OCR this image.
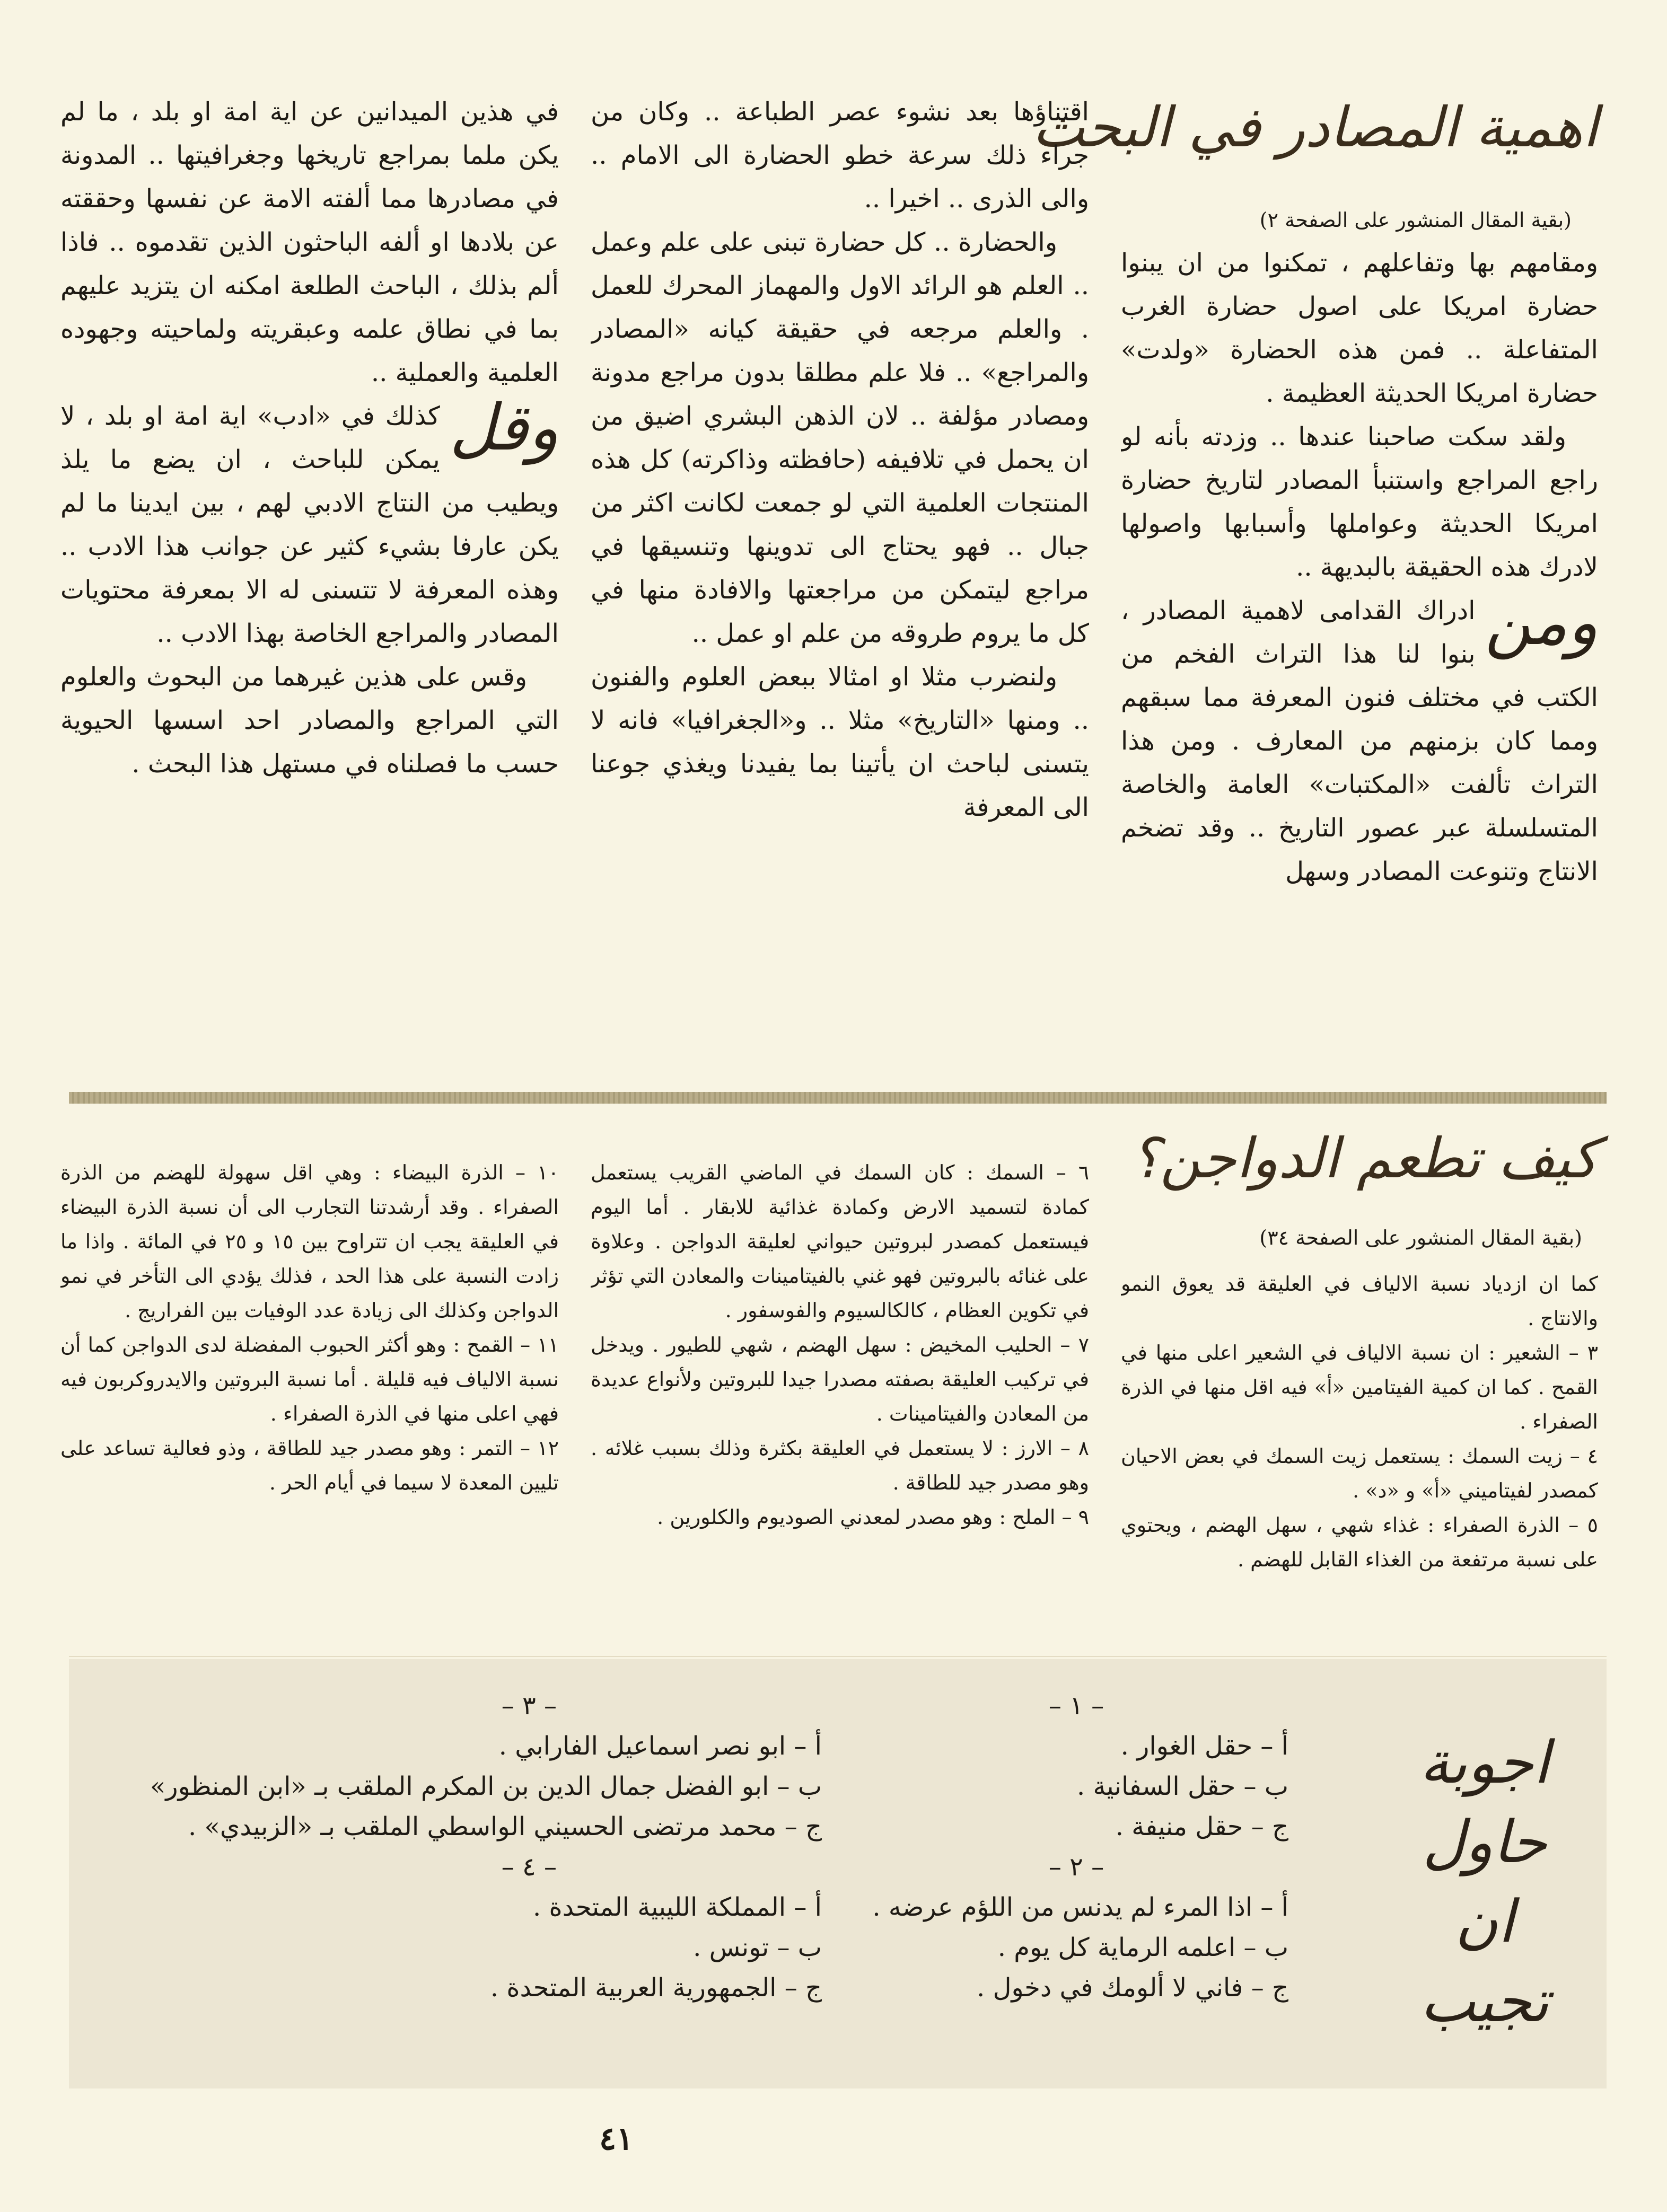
اهمية المصادر في البحث
(بقية المقال المنشور على الصفحة ٢)

ومقامهم بها وتفاعلهم ، تمكنوا من ان يبنوا حضارة امريكا على اصول حضارة الغرب المتفاعلة .. فمن هذه الحضارة «ولدت» حضارة امريكا الحديثة العظيمة .

ولقد سكت صاحبنا عندها .. وزدته بأنه لو راجع المراجع واستنبأ المصادر لتاريخ حضارة امريكا الحديثة وعواملها وأسبابها واصولها لادرك هذه الحقيقة بالبديهة ..

ومن
ادراك القدامى لاهمية المصادر ، بنوا لنا هذا التراث الفخم من الكتب في مختلف فنون المعرفة مما سبقهم ومما كان بزمنهم من المعارف . ومن هذا التراث تألفت «المكتبات» العامة والخاصة المتسلسلة عبر عصور التاريخ .. وقد تضخم الانتاج وتنوعت المصادر وسهل

اقتناؤها بعد نشوء عصر الطباعة .. وكان من جراء ذلك سرعة خطو الحضارة الى الامام .. والى الذرى .. اخيرا ..

والحضارة .. كل حضارة تبنى على علم وعمل .. العلم هو الرائد الاول والمهماز المحرك للعمل . والعلم مرجعه في حقيقة كيانه «المصادر والمراجع» .. فلا علم مطلقا بدون مراجع مدونة ومصادر مؤلفة .. لان الذهن البشري اضيق من ان يحمل في تلافيفه (حافظته وذاكرته) كل هذه المنتجات العلمية التي لو جمعت لكانت اكثر من جبال .. فهو يحتاج الى تدوينها وتنسيقها في مراجع ليتمكن من مراجعتها والافادة منها في كل ما يروم طروقه من علم او عمل ..

ولنضرب مثلا او امثالا ببعض العلوم والفنون .. ومنها «التاريخ» مثلا .. و«الجغرافيا» فانه لا يتسنى لباحث ان يأتينا بما يفيدنا ويغذي جوعنا الى المعرفة

في هذين الميدانين عن اية امة او بلد ، ما لم يكن ملما بمراجع تاريخها وجغرافيتها .. المدونة في مصادرها مما ألفته الامة عن نفسها وحققته عن بلادها او ألفه الباحثون الذين تقدموه .. فاذا ألم بذلك ، الباحث الطلعة امكنه ان يتزيد عليهم بما في نطاق علمه وعبقريته ولماحيته وجهوده العلمية والعملية ..

وقل
كذلك في «ادب» اية امة او بلد ، لا يمكن للباحث ، ان يضع ما يلذ ويطيب من النتاج الادبي لهم ، بين ايدينا ما لم يكن عارفا بشيء كثير عن جوانب هذا الادب .. وهذه المعرفة لا تتسنى له الا بمعرفة محتويات المصادر والمراجع الخاصة بهذا الادب ..

وقس على هذين غيرهما من البحوث والعلوم التي المراجع والمصادر احد اسسها الحيوية حسب ما فصلناه في مستهل هذا البحث .

كيف تطعم الدواجن؟
(بقية المقال المنشور على الصفحة ٣٤)

كما ان ازدياد نسبة الالياف في العليقة قد يعوق النمو والانتاج .

٣ – الشعير : ان نسبة الالياف في الشعير اعلى منها في القمح . كما ان كمية الفيتامين «أ» فيه اقل منها في الذرة الصفراء .

٤ – زيت السمك : يستعمل زيت السمك في بعض الاحيان كمصدر لفيتاميني «أ» و «د» .

٥ – الذرة الصفراء : غذاء شهي ، سهل الهضم ، ويحتوي على نسبة مرتفعة من الغذاء القابل للهضم .

٦ – السمك : كان السمك في الماضي القريب يستعمل كمادة لتسميد الارض وكمادة غذائية للابقار . أما اليوم فيستعمل كمصدر لبروتين حيواني لعليقة الدواجن . وعلاوة على غنائه بالبروتين فهو غني بالفيتامينات والمعادن التي تؤثر في تكوين العظام ، كالكالسيوم والفوسفور .

٧ – الحليب المخيض : سهل الهضم ، شهي للطيور . ويدخل في تركيب العليقة بصفته مصدرا جيدا للبروتين ولأنواع عديدة من المعادن والفيتامينات .

٨ – الارز : لا يستعمل في العليقة بكثرة وذلك بسبب غلائه . وهو مصدر جيد للطاقة .

٩ – الملح : وهو مصدر لمعدني الصوديوم والكلورين .

١٠ – الذرة البيضاء : وهي اقل سهولة للهضم من الذرة الصفراء . وقد أرشدتنا التجارب الى أن نسبة الذرة البيضاء في العليقة يجب ان تتراوح بين ١٥ و ٢٥ في المائة . واذا ما زادت النسبة على هذا الحد ، فذلك يؤدي الى التأخر في نمو الدواجن وكذلك الى زيادة عدد الوفيات بين الفراريج .

١١ – القمح : وهو أكثر الحبوب المفضلة لدى الدواجن كما أن نسبة الالياف فيه قليلة . أما نسبة البروتين والايدروكربون فيه فهي اعلى منها في الذرة الصفراء .

١٢ – التمر : وهو مصدر جيد للطاقة ، وذو فعالية تساعد على تليين المعدة لا سيما في أيام الحر .

اجوبة حاول ان تجيب
– ١ –
أ – حقل الغوار .
ب – حقل السفانية .
ج – حقل منيفة .
– ٢ –
أ – اذا المرء لم يدنس من اللؤم عرضه .
ب – اعلمه الرماية كل يوم .
ج – فاني لا ألومك في دخول .
– ٣ –
أ – ابو نصر اسماعيل الفارابي .
ب – ابو الفضل جمال الدين بن المكرم الملقب بـ «ابن المنظور»
ج – محمد مرتضى الحسيني الواسطي الملقب بـ «الزبيدي» .
– ٤ –
أ – المملكة الليبية المتحدة .
ب – تونس .
ج – الجمهورية العربية المتحدة .
٤١
